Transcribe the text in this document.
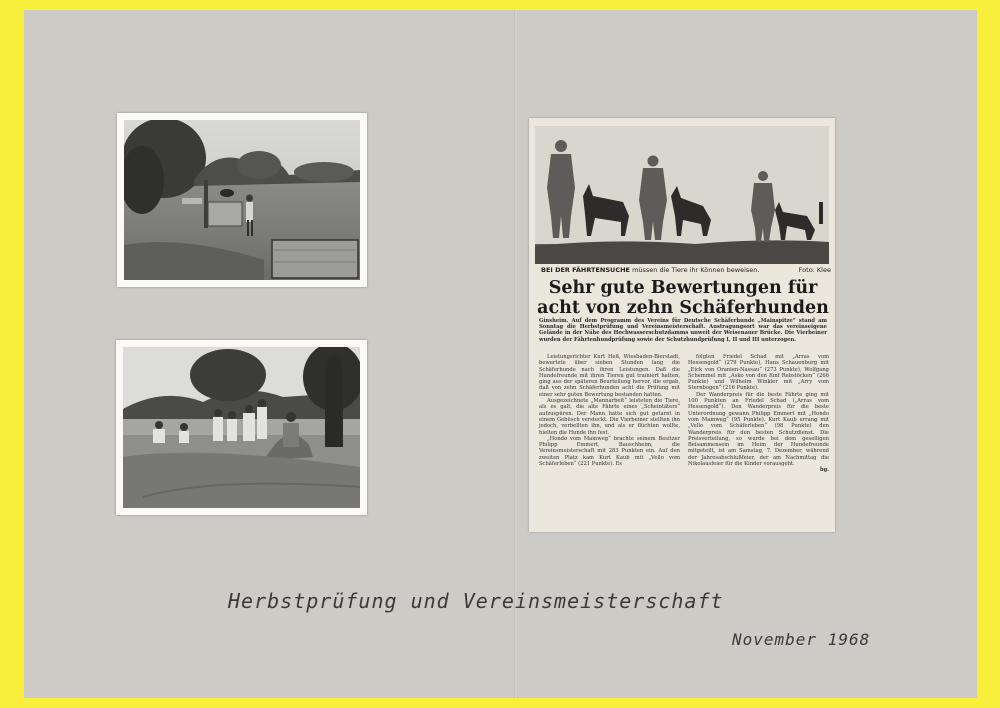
BEI DER FÄHRTENSUCHE müssen die Tiere ihr Können beweisen.	Foto: Klee
Sehr gute Bewertungen für acht von zehn Schäferhunden
Ginsheim. Auf dem Programm des Vereins für Deutsche Schäferhunde „Mainspitze“ stand am Sonntag die Herbstprüfung und Vereinsmeisterschaft. Austragungsort war das vereinseigene Gelände in der Nähe des Hochwasserschutzdamms unweit der Weisenauer Brücke. Die Vierbeiner wurden der Fährtenhundprüfung sowie der Schutzhundprüfung I, II und III unterzogen.

Leistungsrichter Kurt Heß, Wiesbaden-Bierstadt, bewertete über sieben Stunden lang die Schäferhunde nach ihren Leistungen. Daß die Hundefreunde mit ihren Tieren gut trainiert hatten, ging aus der späteren Beurteilung hervor, die ergab, daß von zehn Schäferhunden acht die Prüfung mit einer sehr guten Bewertung bestanden hatten.

Ausgezeichnete „Mannarbeit“ leisteten die Tiere, als es galt, die alte Fährte eines „Scheintäters“ aufzuspüren. Der Mann hatte sich gut getarnt in einem Gebüsch versteckt. Die Vierbeiner stellten ihn jedoch, verbellten ihn, und als er flüchten wollte, hielten die Hunde ihn fest.

„Hondo vom Mainweg“ brachte seinem Besitzer Philipp Emmert, Bauschheim, die Vereinsmeisterschaft mit 283 Punkten ein. Auf den zweiten Platz kam Kurt Kaub mit „Vello vom Schäferleben“ (221 Punkte). Es

folgten Friedel Schad mit „Arras vom Hessengold“ (279 Punkte), Hans Schauenburg mit „Eick von Oranien-Nassau“ (273 Punkte), Wolfgang Schemmel mit „Asko von den fünf Rebstöcken“ (266 Punkte) und Wilhelm Winkler mit „Arry vom Sternbogen“ (216 Punkte).

Der Wanderpreis für die beste Fährte ging mit 100 Punkten an Friedel Schad („Arras vom Hessengold“). Den Wanderpreis für die beste Unterordnung gewann Philipp Emmert mit „Hondo vom Mainweg“ (95 Punkte). Kurt Kaub errang mit „Vello vom Schäferleben“ (98 Punkte) den Wanderpreis für den besten Schutzdienst. Die Preisverteilung, so wurde bei dem geselligen Beisammensein im Heim der Hundefreunde mitgeteilt, ist am Samstag, 7. Dezember, während der Jahresabschlußfeier, der am Nachmittag die Nikolausfeier für die Kinder vorausgeht.

bg.
Herbstprüfung und Vereinsmeisterschaft
November 1968
